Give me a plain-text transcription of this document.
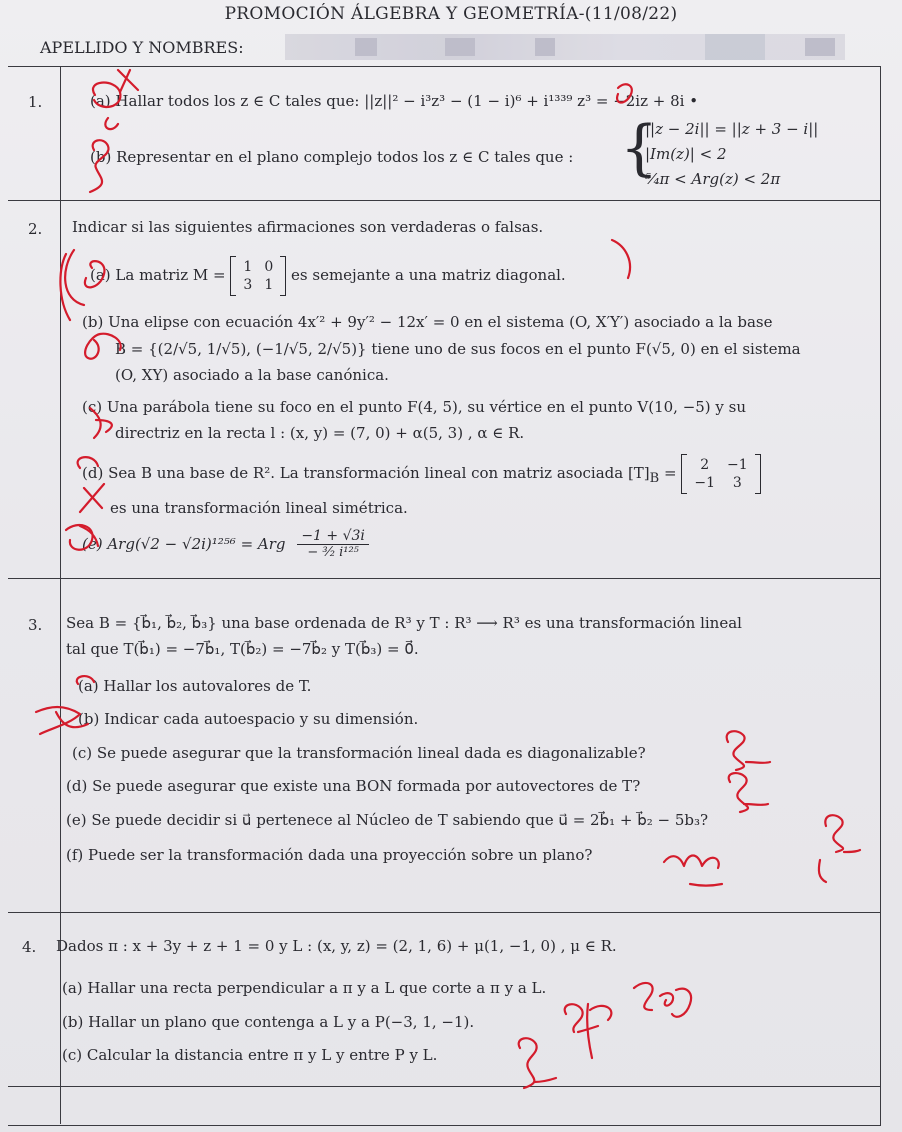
PROMOCIÓN ÁLGEBRA Y GEOMETRÍA-(11/08/22)
APELLIDO Y NOMBRES:
1.	(a) Hallar todos los z ∈ C tales que: ||z||² − i³z³ − (1 − i)⁶ + i¹³³⁹ z³ = −2iz + 8i •
(b) Representar en el plano complejo todos los z ∈ C tales que : {
||z − 2i|| = ||z + 3 − i||
|Im(z)| < 2
⁵⁄₄π < Arg(z) < 2π
2. Indicar si las siguientes afirmaciones son verdaderas o falsas.
(a) La matriz M = 1	0
3	1
es semejante a una matriz diagonal.
(b) Una elipse con ecuación 4x′² + 9y′² − 12x′ = 0 en el sistema (O, X′Y′) asociado a la base
B = {(2/√5, 1/√5), (−1/√5, 2/√5)} tiene uno de sus focos en el punto F(√5, 0) en el sistema
(O, XY) asociado a la base canónica.
(c) Una parábola tiene su foco en el punto F(4, 5), su vértice en el punto V(10, −5) y su
directriz en la recta l : (x, y) = (7, 0) + α(5, 3) , α ∈ R.
(d) Sea B una base de R². La transformación lineal con matriz asociada $[T]_B = 2$	−1
−1	3
es una transformación lineal simétrica.
(e) Arg(√2 − √2i)¹²⁵⁶ = Arg $\frac{-1 + √3i}{\text{− ³⁄₂ i¹²⁵}}$
3. Sea B = {b⃗₁, b⃗₂, b⃗₃} una base ordenada de R³ y T : R³ ⟶ R³ es una transformación lineal
tal que T(b⃗₁) = −7b⃗₁, T(b⃗₂) = −7b⃗₂ y T(b⃗₃) = 0⃗.
(a) Hallar los autovalores de T.
(b) Indicar cada autoespacio y su dimensión.
(c) Se puede asegurar que la transformación lineal dada es diagonalizable?
(d) Se puede asegurar que existe una BON formada por autovectores de T?
(e) Se puede decidir si u⃗ pertenece al Núcleo de T sabiendo que u⃗ = 2b⃗₁ + b⃗₂ − 5b₃?
(f) Puede ser la transformación dada una proyección sobre un plano?
4. Dados π : x + 3y + z + 1 = 0 y L : (x, y, z) = (2, 1, 6) + μ(1, −1, 0) , μ ∈ R.
(a) Hallar una recta perpendicular a π y a L que corte a π y a L.
(b) Hallar un plano que contenga a L y a P(−3, 1, −1).
(c) Calcular la distancia entre π y L y entre P y L.
